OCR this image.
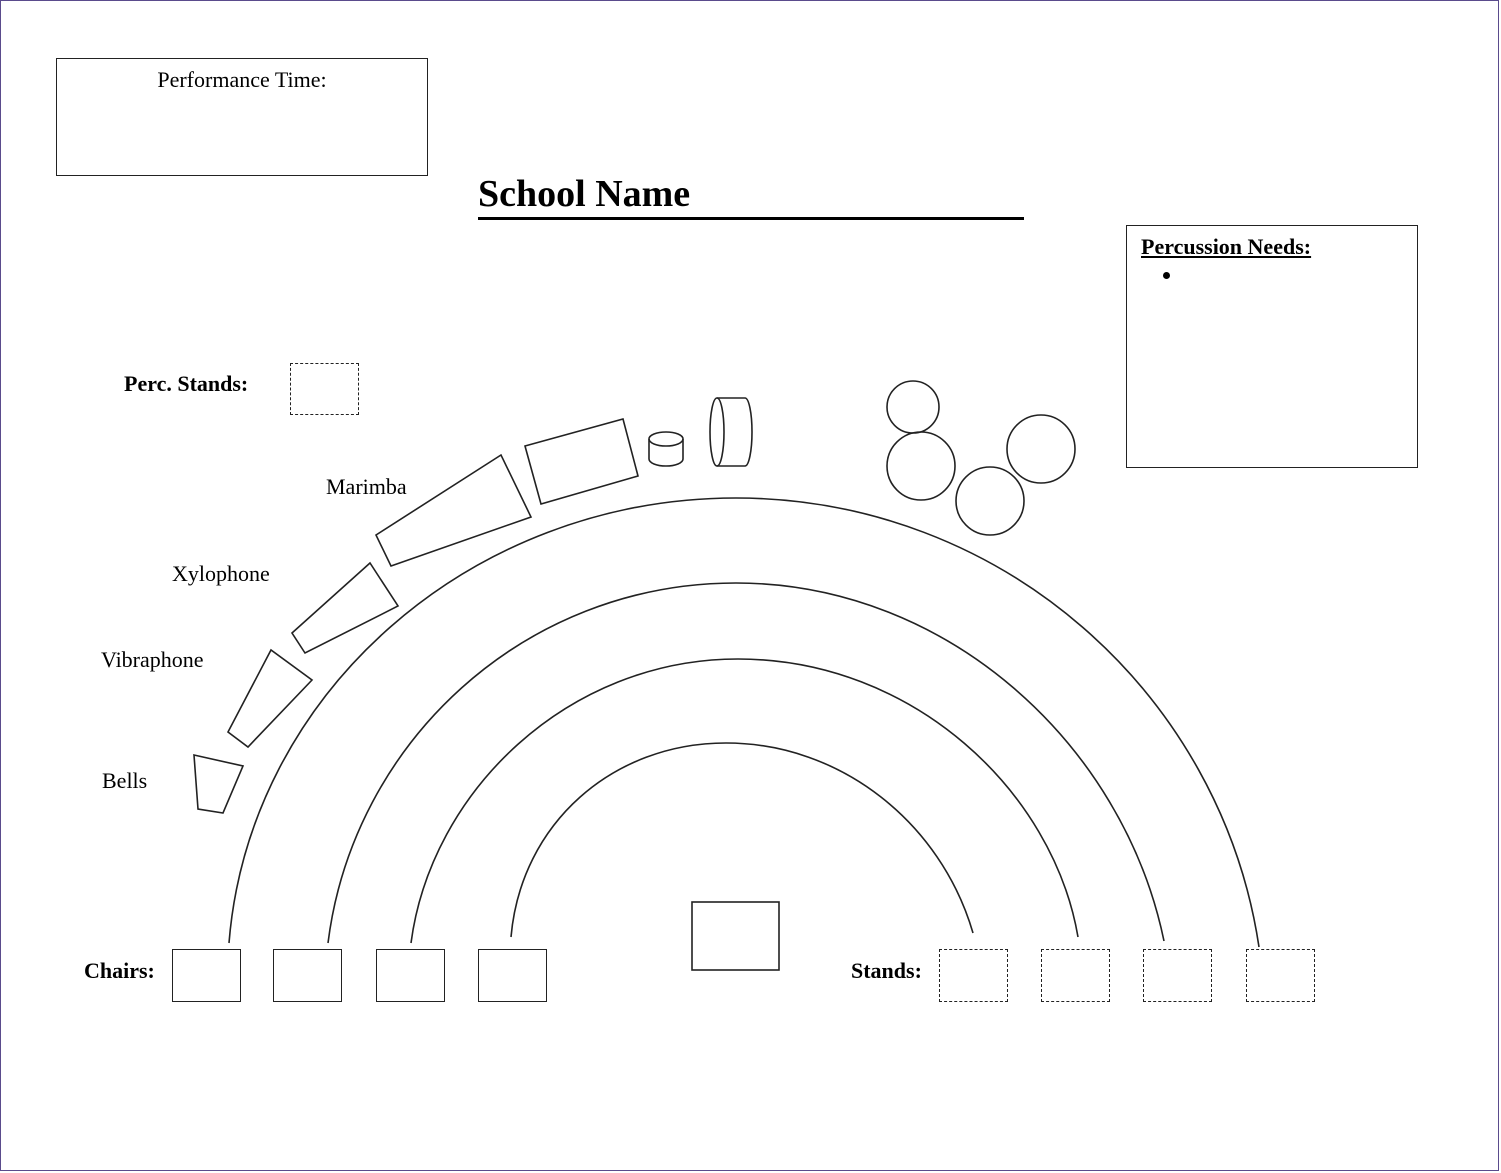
Performance Time:
School Name
Percussion Needs:
Perc. Stands:
Marimba
Xylophone
Vibraphone
Bells
Chairs:	Stands:
